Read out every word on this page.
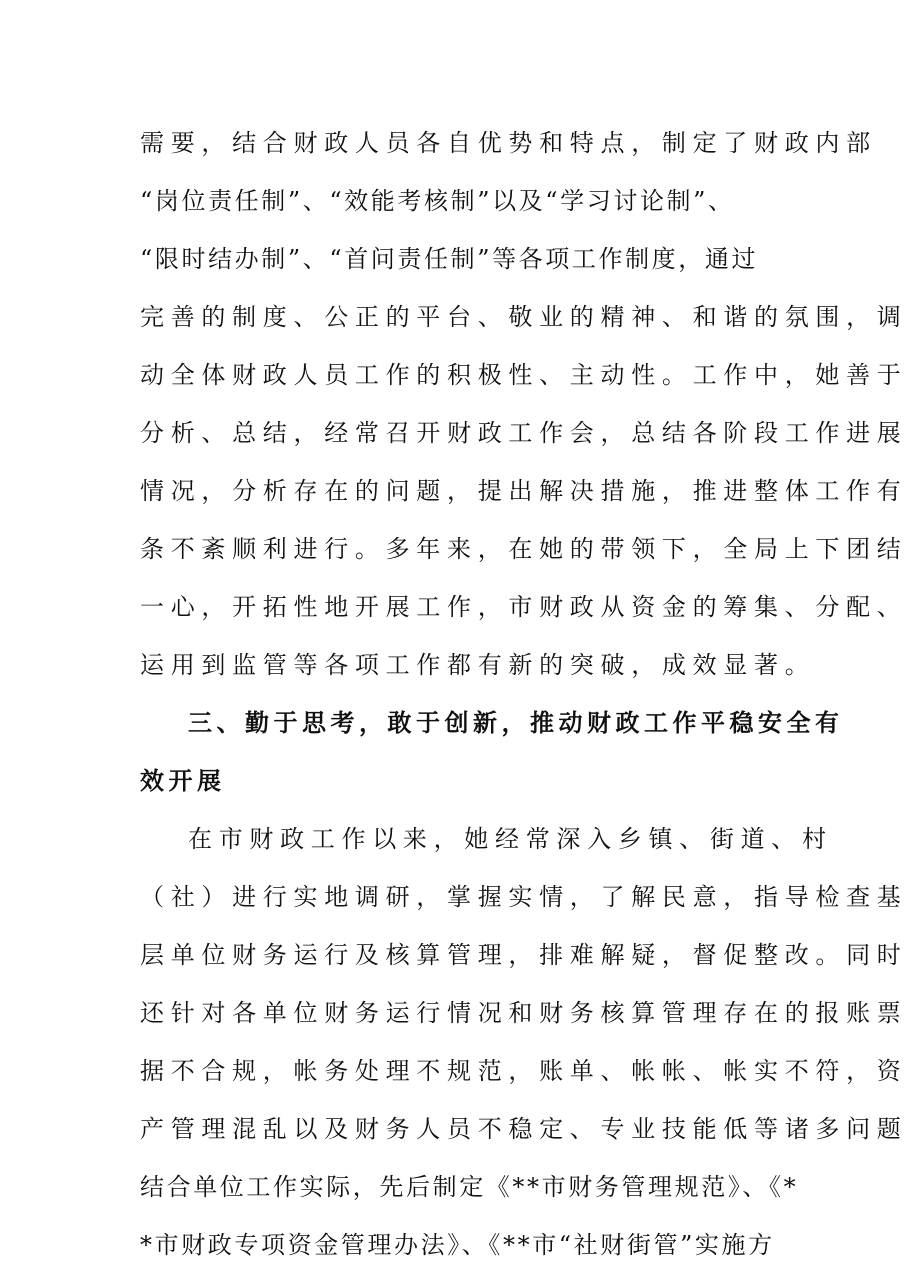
需要，结合财政人员各自优势和特点，制定了财政内部
“岗位责任制”、“效能考核制”以及“学习讨论制”、
“限时结办制”、“首问责任制”等各项工作制度，通过
完善的制度、公正的平台、敬业的精神、和谐的氛围，调
动全体财政人员工作的积极性、主动性。工作中，她善于
分析、总结，经常召开财政工作会，总结各阶段工作进展
情况，分析存在的问题，提出解决措施，推进整体工作有
条不紊顺利进行。多年来，在她的带领下，全局上下团结
一心，开拓性地开展工作，市财政从资金的筹集、分配、
运用到监管等各项工作都有新的突破，成效显著。
三、勤于思考，敢于创新，推动财政工作平稳安全有
效开展
在市财政工作以来，她经常深入乡镇、街道、村
（社）进行实地调研，掌握实情，了解民意，指导检查基
层单位财务运行及核算管理，排难解疑，督促整改。同时
还针对各单位财务运行情况和财务核算管理存在的报账票
据不合规，帐务处理不规范，账单、帐帐、帐实不符，资
产管理混乱以及财务人员不稳定、专业技能低等诸多问题
结合单位工作实际，先后制定《**市财务管理规范》、《*
*市财政专项资金管理办法》、《**市“社财街管”实施方
